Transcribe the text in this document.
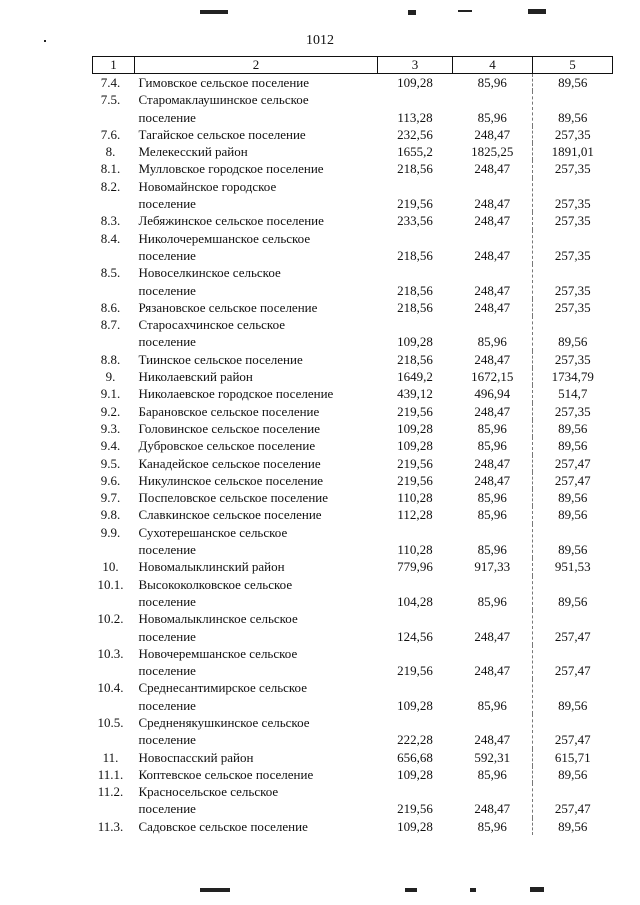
1012
1	2	3	4	5
7.4.	Гимовское сельское поселение	109,28	85,96	89,56
7.5.	Старомаклаушинское сельское
поселение	113,28	85,96	89,56
7.6.	Тагайское сельское поселение	232,56	248,47	257,35
8.	Мелекесский район	1655,2	1825,25	1891,01
8.1.	Мулловское городское поселение	218,56	248,47	257,35
8.2.	Новомайнское городское
поселение	219,56	248,47	257,35
8.3.	Лебяжинское сельское поселение	233,56	248,47	257,35
8.4.	Николочеремшанское сельское
поселение	218,56	248,47	257,35
8.5.	Новоселкинское сельское
поселение	218,56	248,47	257,35
8.6.	Рязановское сельское поселение	218,56	248,47	257,35
8.7.	Старосахчинское сельское
поселение	109,28	85,96	89,56
8.8.	Тиинское сельское поселение	218,56	248,47	257,35
9.	Николаевский район	1649,2	1672,15	1734,79
9.1.	Николаевское городское поселение	439,12	496,94	514,7
9.2.	Барановское сельское поселение	219,56	248,47	257,35
9.3.	Головинское сельское поселение	109,28	85,96	89,56
9.4.	Дубровское сельское поселение	109,28	85,96	89,56
9.5.	Канадейское сельское поселение	219,56	248,47	257,47
9.6.	Никулинское сельское поселение	219,56	248,47	257,47
9.7.	Поспеловское сельское поселение	110,28	85,96	89,56
9.8.	Славкинское сельское поселение	112,28	85,96	89,56
9.9.	Сухотерешанское сельское
поселение	110,28	85,96	89,56
10.	Новомалыклинский район	779,96	917,33	951,53
10.1.	Высококолковское сельское
поселение	104,28	85,96	89,56
10.2.	Новомалыклинское сельское
поселение	124,56	248,47	257,47
10.3.	Новочеремшанское сельское
поселение	219,56	248,47	257,47
10.4.	Среднесантимирское сельское
поселение	109,28	85,96	89,56
10.5.	Средненякушкинское сельское
поселение	222,28	248,47	257,47
11.	Новоспасский район	656,68	592,31	615,71
11.1.	Коптевское сельское поселение	109,28	85,96	89,56
11.2.	Красносельское сельское
поселение	219,56	248,47	257,47
11.3.	Садовское сельское поселение	109,28	85,96	89,56
